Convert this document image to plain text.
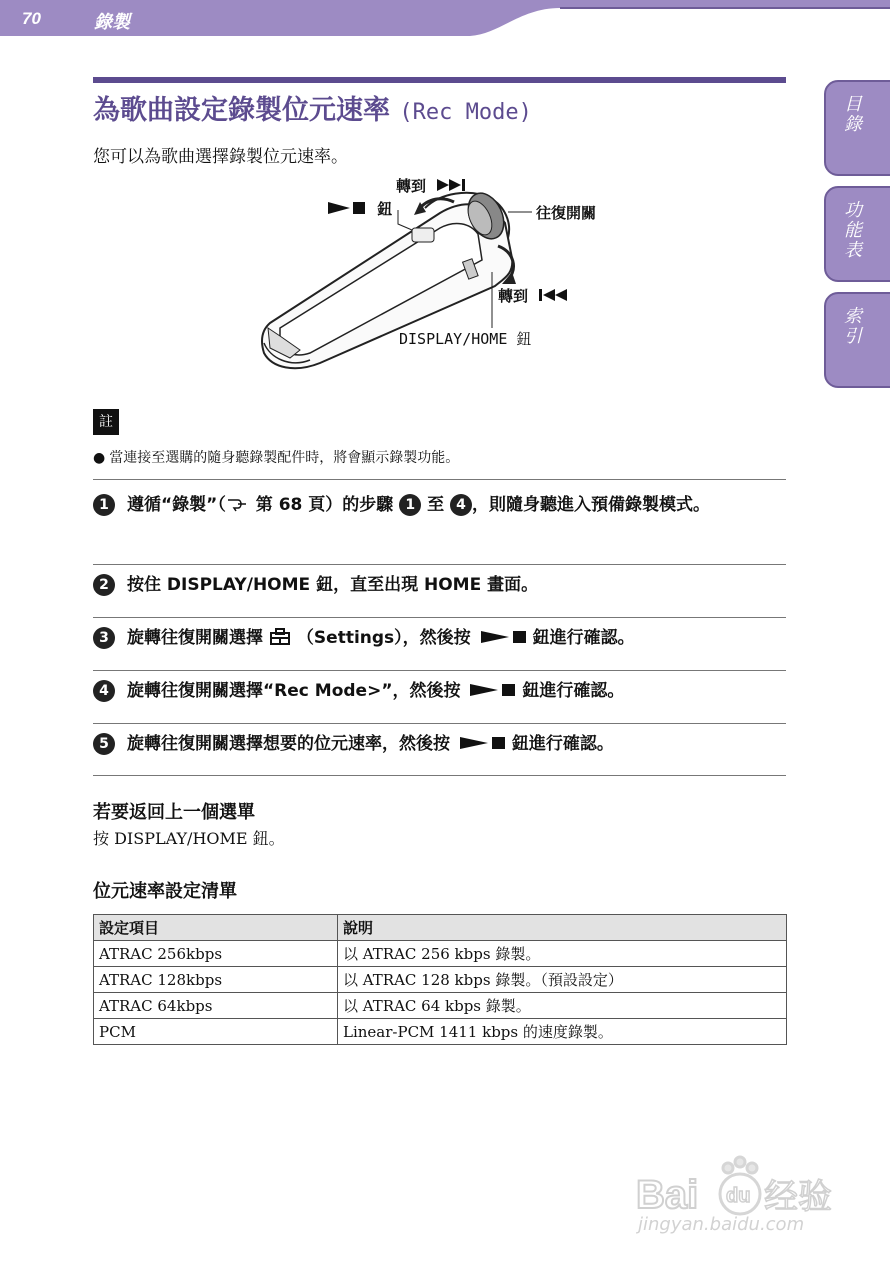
70	錄製
目錄
功能表
索引
為歌曲設定錄製位元速率 (Rec Mode)
您可以為歌曲選擇錄製位元速率。
轉到
鈕	往復開關
轉到
DISPLAY/HOME 鈕
註
● 當連接至選購的隨身聽錄製配件時，將會顯示錄製功能。
1 遵循“錄製”（ 第 68 頁）的步驟 1 至 4 ，則隨身聽進入預備錄製模式。
2 按住 DISPLAY/HOME 鈕，直至出現 HOME 畫面。
3 旋轉往復開關選擇 （Settings），然後按	鈕進行確認。
4 旋轉往復開關選擇“Rec Mode>”，然後按	鈕進行確認。
5 旋轉往復開關選擇想要的位元速率，然後按	鈕進行確認。
若要返回上一個選單
按 DISPLAY/HOME 鈕。
位元速率設定清單
設定項目	說明
ATRAC 256kbps	以 ATRAC 256 kbps 錄製。
ATRAC 128kbps	以 ATRAC 128 kbps 錄製。（預設設定）
ATRAC 64kbps	以 ATRAC 64 kbps 錄製。
PCM	Linear-PCM 1411 kbps 的速度錄製。
Bai du 经验
jingyan.baidu.com
